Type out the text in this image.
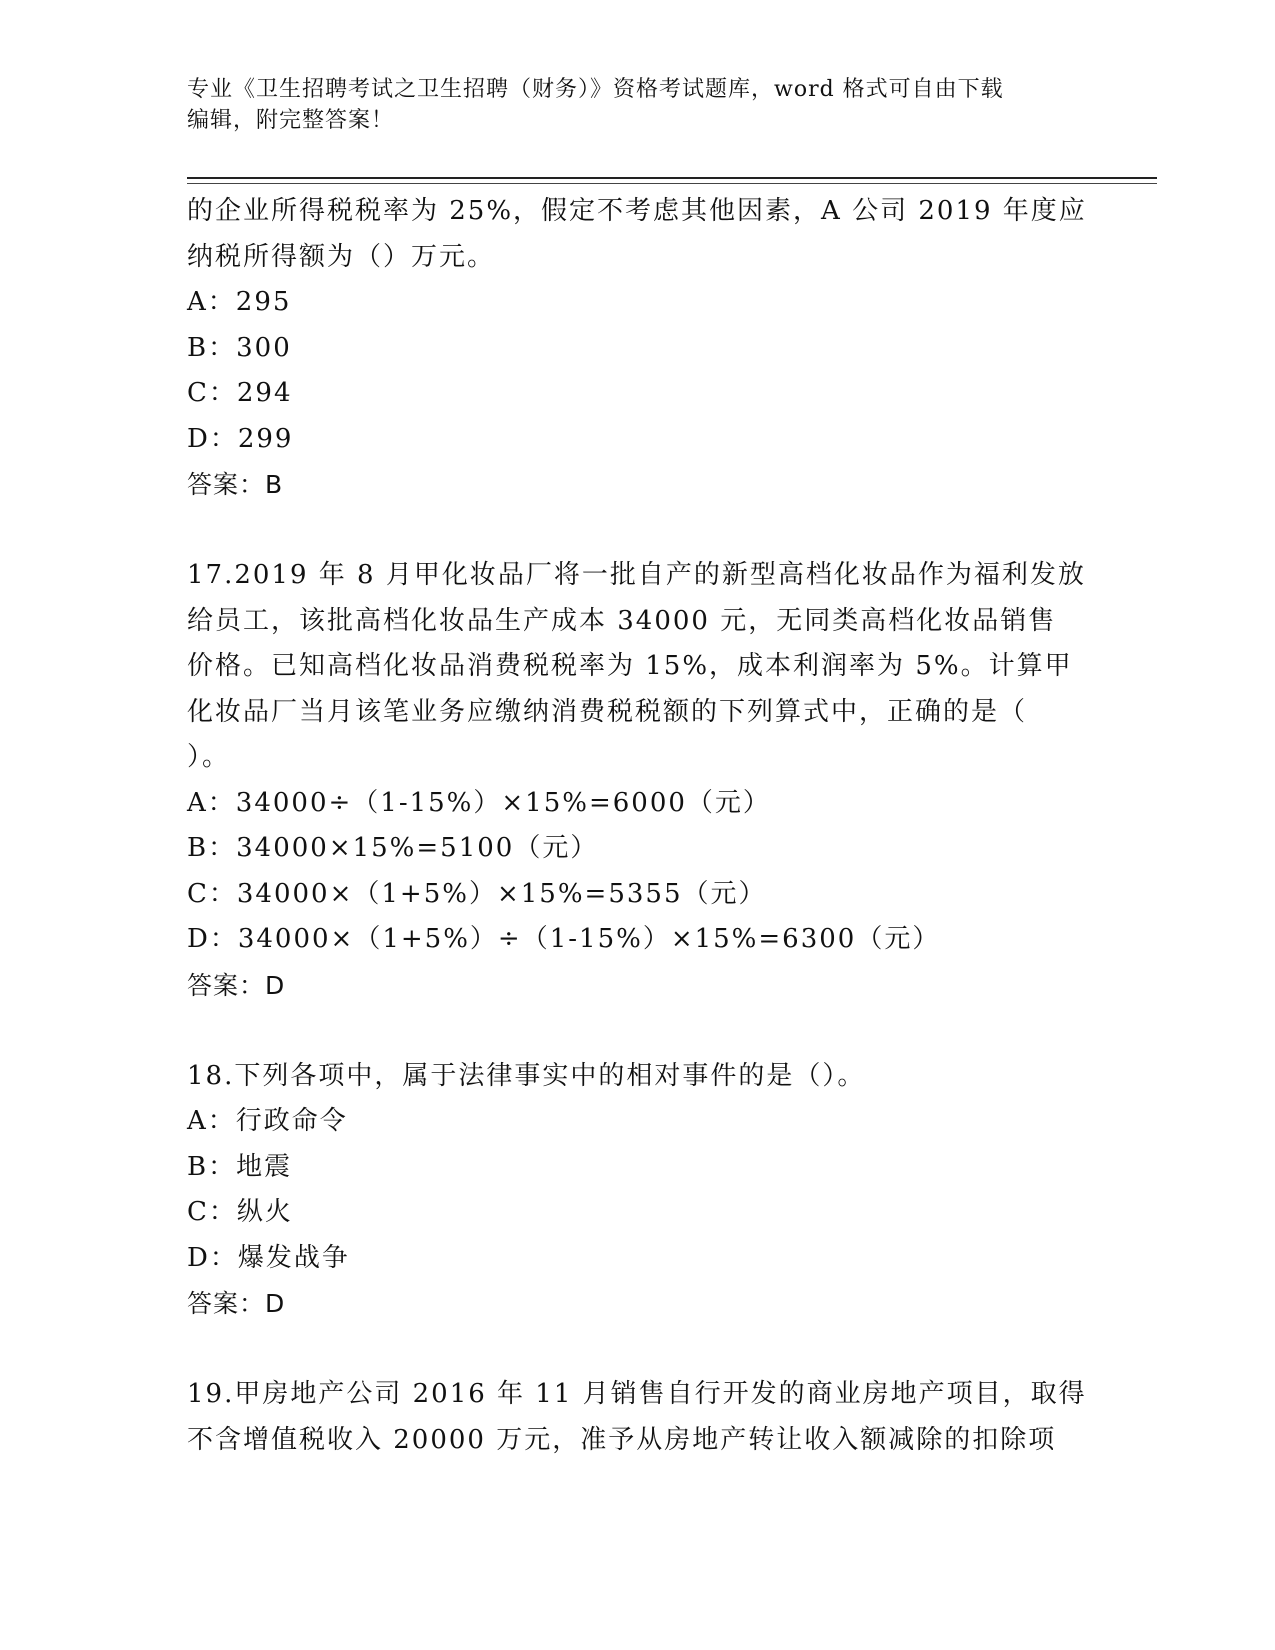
专业《卫生招聘考试之卫生招聘（财务）》资格考试题库，word 格式可自由下载
编辑，附完整答案！
的企业所得税税率为 25%，假定不考虑其他因素，A 公司 2019 年度应
纳税所得额为（）万元。
A：295
B：300
C：294
D：299
答案：B
17.2019 年 8 月甲化妆品厂将一批自产的新型高档化妆品作为福利发放
给员工，该批高档化妆品生产成本 34000 元，无同类高档化妆品销售
价格。已知高档化妆品消费税税率为 15%，成本利润率为 5%。计算甲
化妆品厂当月该笔业务应缴纳消费税税额的下列算式中，正确的是（
）。
A：34000÷（1-15%）×15%=6000（元）
B：34000×15%=5100（元）
C：34000×（1+5%）×15%=5355（元）
D：34000×（1+5%）÷（1-15%）×15%=6300（元）
答案：D
18.下列各项中，属于法律事实中的相对事件的是（）。
A：行政命令
B：地震
C：纵火
D：爆发战争
答案：D
19.甲房地产公司 2016 年 11 月销售自行开发的商业房地产项目，取得
不含增值税收入 20000 万元，准予从房地产转让收入额减除的扣除项
